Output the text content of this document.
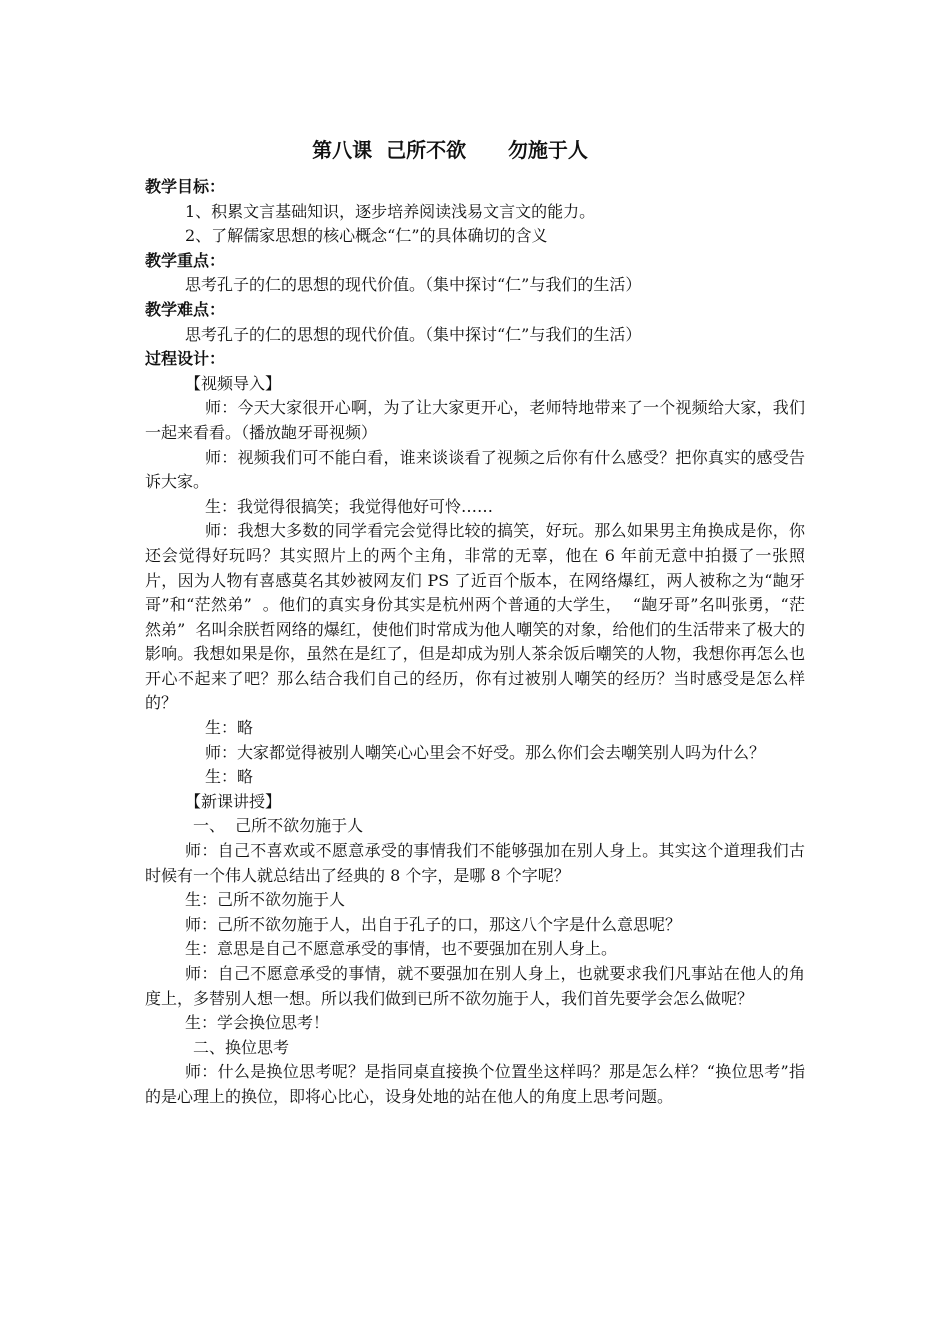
第八课  己所不欲      勿施于人

教学目标：

1、积累文言基础知识，逐步培养阅读浅易文言文的能力。

2、了解儒家思想的核心概念“仁”的具体确切的含义

教学重点：

思考孔子的仁的思想的现代价值。（集中探讨“仁”与我们的生活）

教学难点：

思考孔子的仁的思想的现代价值。（集中探讨“仁”与我们的生活）

过程设计：

【视频导入】

师：今天大家很开心啊，为了让大家更开心，老师特地带来了一个视频给大家，我们一起来看看。（播放龅牙哥视频）

师：视频我们可不能白看，谁来谈谈看了视频之后你有什么感受？把你真实的感受告诉大家。

生：我觉得很搞笑；我觉得他好可怜……

师：我想大多数的同学看完会觉得比较的搞笑，好玩。那么如果男主角换成是你，你还会觉得好玩吗？其实照片上的两个主角，非常的无辜，他在 6 年前无意中拍摄了一张照片，因为人物有喜感莫名其妙被网友们 PS 了近百个版本，在网络爆红，两人被称之为“龅牙哥”和“茫然弟”  。他们的真实身份其实是杭州两个普通的大学生，  “龅牙哥”名叫张勇，“茫然弟”  名叫余朕哲网络的爆红，使他们时常成为他人嘲笑的对象，给他们的生活带来了极大的影响。我想如果是你，虽然在是红了，但是却成为别人茶余饭后嘲笑的人物，我想你再怎么也开心不起来了吧？那么结合我们自己的经历，你有过被别人嘲笑的经历？当时感受是怎么样的？

生：略

师：大家都觉得被别人嘲笑心心里会不好受。那么你们会去嘲笑别人吗为什么？

生：略

【新课讲授】

一、  己所不欲勿施于人

师：自己不喜欢或不愿意承受的事情我们不能够强加在别人身上。其实这个道理我们古时候有一个伟人就总结出了经典的 8 个字，是哪 8 个字呢？

生：己所不欲勿施于人

师：己所不欲勿施于人，出自于孔子的口，那这八个字是什么意思呢？

生：意思是自己不愿意承受的事情，也不要强加在别人身上。

师：自己不愿意承受的事情，就不要强加在别人身上，也就要求我们凡事站在他人的角度上，多替别人想一想。所以我们做到已所不欲勿施于人，我们首先要学会怎么做呢？

生：学会换位思考！

二、换位思考

师：什么是换位思考呢？是指同桌直接换个位置坐这样吗？那是怎么样？“换位思考”指的是心理上的换位，即将心比心，设身处地的站在他人的角度上思考问题。
